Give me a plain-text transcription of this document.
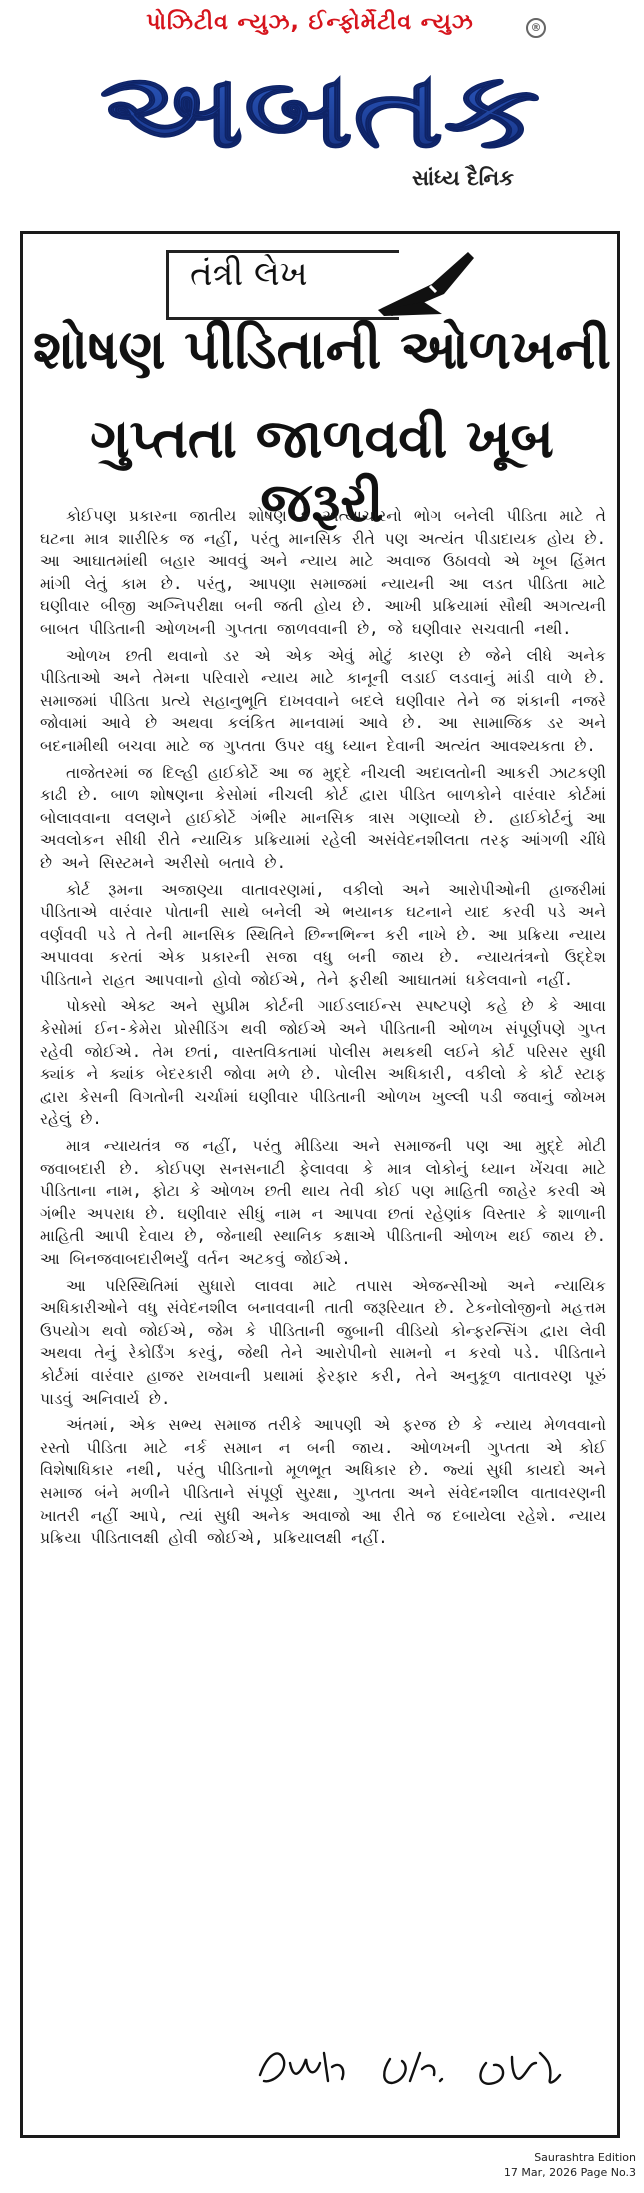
પોઝિટીવ ન્યુઝ, ઈન્ફોર્મેટીવ ન્યુઝ	®
અબતક
સાંધ્ય દૈનિક
તંત્રી લેખ
શોષણ પીડિતાની ઓળખની
ગુપ્તતા જાળવવી ખૂબ જરૂરી

કોઈપણ પ્રકારના જાતીય શોષણ કે અત્યાચારનો ભોગ બનેલી પીડિતા માટે તે ઘટના માત્ર શારીરિક જ નહીં, પરંતુ માનસિક રીતે પણ અત્યંત પીડાદાયક હોય છે. આ આઘાતમાંથી બહાર આવવું અને ન્યાય માટે અવાજ ઉઠાવવો એ ખૂબ હિંમત માંગી લેતું કામ છે. પરંતુ, આપણા સમાજમાં ન્યાયની આ લડત પીડિતા માટે ઘણીવાર બીજી અગ્નિપરીક્ષા બની જતી હોય છે. આખી પ્રક્રિયામાં સૌથી અગત્યની બાબત પીડિતાની ઓળખની ગુપ્તતા જાળવવાની છે, જે ઘણીવાર સચવાતી નથી.

ઓળખ છતી થવાનો ડર એ એક એવું મોટું કારણ છે જેને લીધે અનેક પીડિતાઓ અને તેમના પરિવારો ન્યાય માટે કાનૂની લડાઈ લડવાનું માંડી વાળે છે. સમાજમાં પીડિતા પ્રત્યે સહાનુભૂતિ દાખવવાને બદલે ઘણીવાર તેને જ શંકાની નજરે જોવામાં આવે છે અથવા કલંકિત માનવામાં આવે છે. આ સામાજિક ડર અને બદનામીથી બચવા માટે જ ગુપ્તતા ઉપર વધુ ધ્યાન દેવાની અત્યંત આવશ્યકતા છે.

તાજેતરમાં જ દિલ્હી હાઈકોર્ટે આ જ મુદ્દે નીચલી અદાલતોની આકરી ઝાટકણી કાઢી છે. બાળ શોષણના કેસોમાં નીચલી કોર્ટ દ્વારા પીડિત બાળકોને વારંવાર કોર્ટમાં બોલાવવાના વલણને હાઈકોર્ટે ગંભીર માનસિક ત્રાસ ગણાવ્યો છે. હાઈકોર્ટનું આ અવલોકન સીધી રીતે ન્યાયિક પ્રક્રિયામાં રહેલી અસંવેદનશીલતા તરફ આંગળી ચીંધે છે અને સિસ્ટમને અરીસો બતાવે છે.

કોર્ટ રૂમના અજાણ્યા વાતાવરણમાં, વકીલો અને આરોપીઓની હાજરીમાં પીડિતાએ વારંવાર પોતાની સાથે બનેલી એ ભયાનક ઘટનાને યાદ કરવી પડે અને વર્ણવવી પડે તે તેની માનસિક સ્થિતિને છિન્નભિન્ન કરી નાખે છે. આ પ્રક્રિયા ન્યાય અપાવવા કરતાં એક પ્રકારની સજા વધુ બની જાય છે. ન્યાયતંત્રનો ઉદ્દેશ પીડિતાને રાહત આપવાનો હોવો જોઈએ, તેને ફરીથી આઘાતમાં ધકેલવાનો નહીં.

પોક્સો એક્ટ અને સુપ્રીમ કોર્ટની ગાઈડલાઈન્સ સ્પષ્ટપણે કહે છે કે આવા કેસોમાં ઈન-કેમેરા પ્રોસીડિંગ થવી જોઈએ અને પીડિતાની ઓળખ સંપૂર્ણપણે ગુપ્ત રહેવી જોઈએ. તેમ છતાં, વાસ્તવિકતામાં પોલીસ મથકથી લઈને કોર્ટ પરિસર સુધી ક્યાંક ને ક્યાંક બેદરકારી જોવા મળે છે. પોલીસ અધિકારી, વકીલો કે કોર્ટ સ્ટાફ દ્વારા કેસની વિગતોની ચર્ચામાં ઘણીવાર પીડિતાની ઓળખ ખુલ્લી પડી જવાનું જોખમ રહેલું છે.

માત્ર ન્યાયતંત્ર જ નહીં, પરંતુ મીડિયા અને સમાજની પણ આ મુદ્દે મોટી જવાબદારી છે. કોઈપણ સનસનાટી ફેલાવવા કે માત્ર લોકોનું ધ્યાન ખેંચવા માટે પીડિતાના નામ, ફોટા કે ઓળખ છતી થાય તેવી કોઈ પણ માહિતી જાહેર કરવી એ ગંભીર અપરાધ છે. ઘણીવાર સીધું નામ ન આપવા છતાં રહેણાંક વિસ્તાર કે શાળાની માહિતી આપી દેવાય છે, જેનાથી સ્થાનિક કક્ષાએ પીડિતાની ઓળખ થઈ જાય છે. આ બિનજવાબદારીભર્યું વર્તન અટકવું જોઈએ.

આ પરિસ્થિતિમાં સુધારો લાવવા માટે તપાસ એજન્સીઓ અને ન્યાયિક અધિકારીઓને વધુ સંવેદનશીલ બનાવવાની તાતી જરૂરિયાત છે. ટેકનોલોજીનો મહત્તમ ઉપયોગ થવો જોઈએ, જેમ કે પીડિતાની જુબાની વીડિયો કોન્ફરન્સિંગ દ્વારા લેવી અથવા તેનું રેકોર્ડિંગ કરવું, જેથી તેને આરોપીનો સામનો ન કરવો પડે. પીડિતાને કોર્ટમાં વારંવાર હાજર રાખવાની પ્રથામાં ફેરફાર કરી, તેને અનુકૂળ વાતાવરણ પૂરું પાડવું અનિવાર્ય છે.

અંતમાં, એક સભ્ય સમાજ તરીકે આપણી એ ફરજ છે કે ન્યાય મેળવવાનો રસ્તો પીડિતા માટે નર્ક સમાન ન બની જાય. ઓળખની ગુપ્તતા એ કોઈ વિશેષાધિકાર નથી, પરંતુ પીડિતાનો મૂળભૂત અધિકાર છે. જ્યાં સુધી કાયદો અને સમાજ બંને મળીને પીડિતાને સંપૂર્ણ સુરક્ષા, ગુપ્તતા અને સંવેદનશીલ વાતાવરણની ખાતરી નહીં આપે, ત્યાં સુધી અનેક અવાજો આ રીતે જ દબાયેલા રહેશે. ન્યાય પ્રક્રિયા પીડિતાલક્ષી હોવી જોઈએ, પ્રક્રિયાલક્ષી નહીં.

Saurashtra Edition
17 Mar, 2026 Page No.3
